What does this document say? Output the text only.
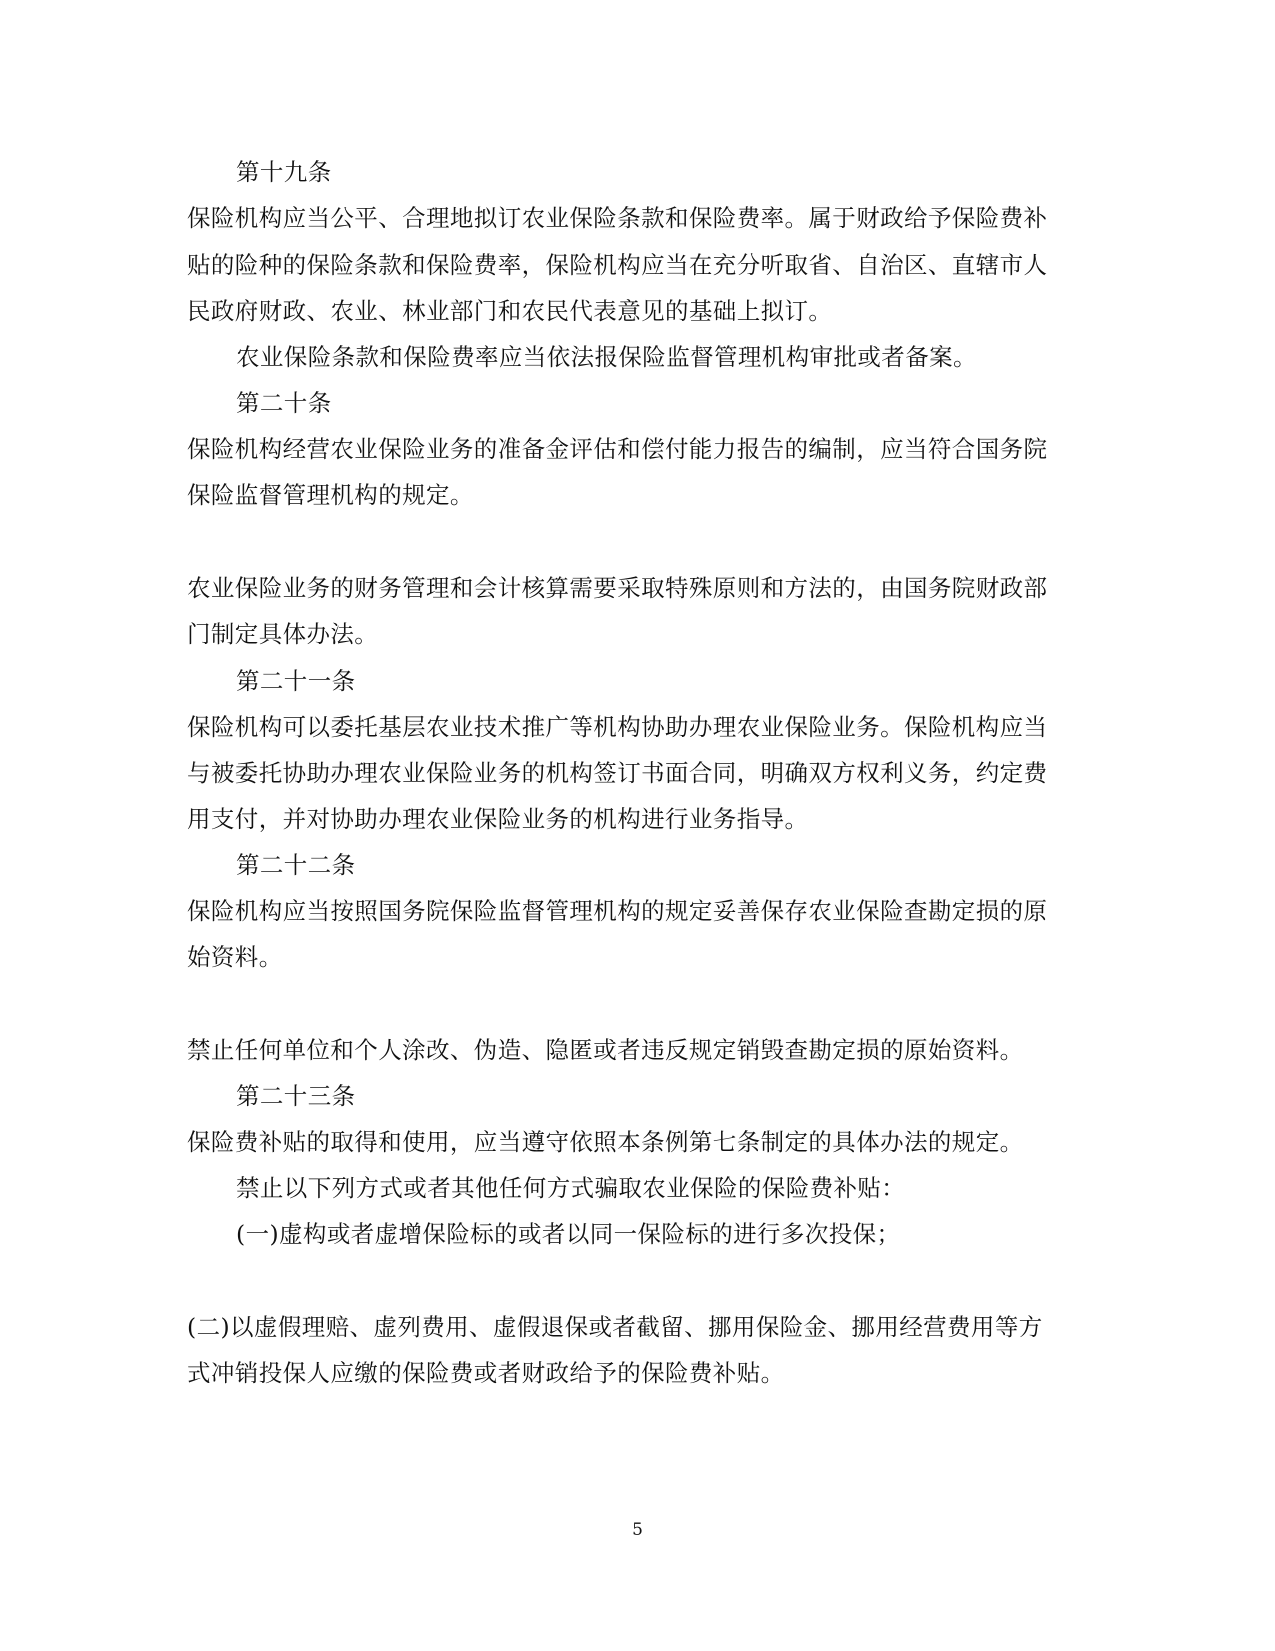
第十九条

保险机构应当公平、合理地拟订农业保险条款和保险费率。属于财政给予保险费补

贴的险种的保险条款和保险费率，保险机构应当在充分听取省、自治区、直辖市人

民政府财政、农业、林业部门和农民代表意见的基础上拟订。

农业保险条款和保险费率应当依法报保险监督管理机构审批或者备案。

第二十条

保险机构经营农业保险业务的准备金评估和偿付能力报告的编制，应当符合国务院

保险监督管理机构的规定。

农业保险业务的财务管理和会计核算需要采取特殊原则和方法的，由国务院财政部

门制定具体办法。

第二十一条

保险机构可以委托基层农业技术推广等机构协助办理农业保险业务。保险机构应当

与被委托协助办理农业保险业务的机构签订书面合同，明确双方权利义务，约定费

用支付，并对协助办理农业保险业务的机构进行业务指导。

第二十二条

保险机构应当按照国务院保险监督管理机构的规定妥善保存农业保险查勘定损的原

始资料。

禁止任何单位和个人涂改、伪造、隐匿或者违反规定销毁查勘定损的原始资料。

第二十三条

保险费补贴的取得和使用，应当遵守依照本条例第七条制定的具体办法的规定。

禁止以下列方式或者其他任何方式骗取农业保险的保险费补贴：

(一)虚构或者虚增保险标的或者以同一保险标的进行多次投保；

(二)以虚假理赔、虚列费用、虚假退保或者截留、挪用保险金、挪用经营费用等方

式冲销投保人应缴的保险费或者财政给予的保险费补贴。

5
